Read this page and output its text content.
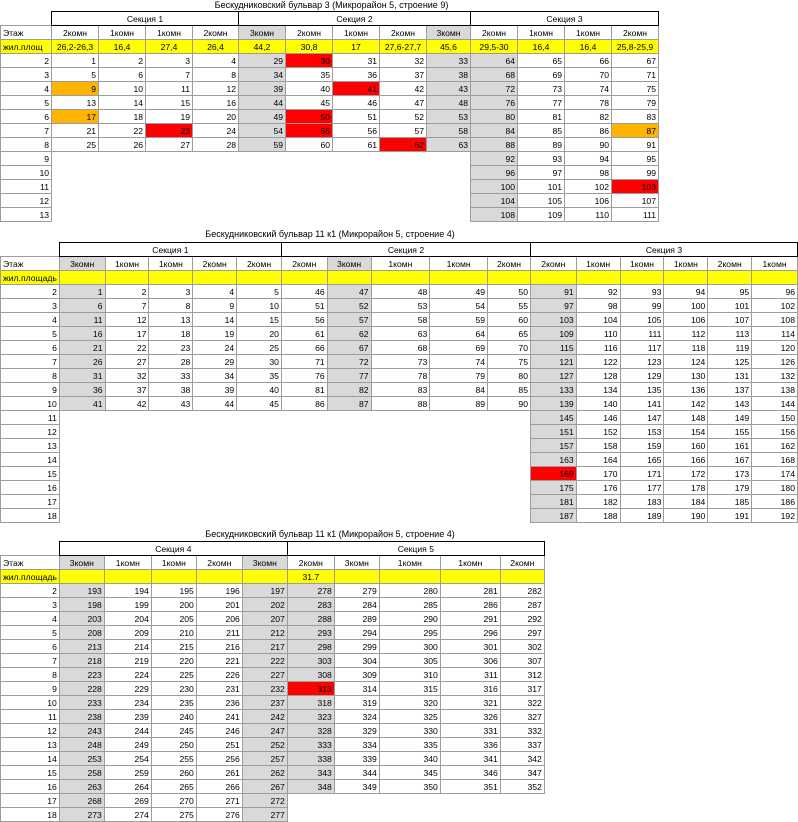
Бескудниковский бульвар 3 (Микрорайон 5, строение 9)
	Секция 1				Секция 2					Секция 3			
Этаж	2комн	1комн	1комн	2комн	3комн	2комн	1комн	2комн	3комн	2комн	1комн	1комн	2комн
жил.площ	26,2-26,3	16,4	27,4	26,4	44,2	30,8	17	27,6-27,7	45,6	29,5-30	16,4	16,4	25,8-25,9
2	1	2	3	4	29	30	31	32	33	64	65	66	67
3	5	6	7	8	34	35	36	37	38	68	69	70	71
4	9	10	11	12	39	40	41	42	43	72	73	74	75
5	13	14	15	16	44	45	46	47	48	76	77	78	79
6	17	18	19	20	49	50	51	52	53	80	81	82	83
7	21	22	23	24	54	55	56	57	58	84	85	86	87
8	25	26	27	28	59	60	61	62	63	88	89	90	91
9										92	93	94	95
10										96	97	98	99
11										100	101	102	103
12										104	105	106	107
13										108	109	110	111
Бескудниковский бульвар 11 к1 (Микрорайон 5, строение 4)
	Секция 1					Секция 2					Секция 3					
Этаж	3комн	1комн	1комн	2комн	2комн	2комн	3комн	1комн	1комн	2комн	2комн	1комн	1комн	1комн	2комн	1комн
жил.площадь																
2	1	2	3	4	5	46	47	48	49	50	91	92	93	94	95	96
3	6	7	8	9	10	51	52	53	54	55	97	98	99	100	101	102
4	11	12	13	14	15	56	57	58	59	60	103	104	105	106	107	108
5	16	17	18	19	20	61	62	63	64	65	109	110	111	112	113	114
6	21	22	23	24	25	66	67	68	69	70	115	116	117	118	119	120
7	26	27	28	29	30	71	72	73	74	75	121	122	123	124	125	126
8	31	32	33	34	35	76	77	78	79	80	127	128	129	130	131	132
9	36	37	38	39	40	81	82	83	84	85	133	134	135	136	137	138
10	41	42	43	44	45	86	87	88	89	90	139	140	141	142	143	144
11											145	146	147	148	149	150
12											151	152	153	154	155	156
13											157	158	159	160	161	162
14											163	164	165	166	167	168
15											169	170	171	172	173	174
16											175	176	177	178	179	180
17											181	182	183	184	185	186
18											187	188	189	190	191	192
Бескудниковский бульвар 11 к1 (Микрорайон 5, строение 4)
	Секция 4					Секция 5				
Этаж	3комн	1комн	1комн	2комн	3комн	2комн	3комн	1комн	1комн	2комн
жил.площадь						31.7				
2	193	194	195	196	197	278	279	280	281	282
3	198	199	200	201	202	283	284	285	286	287
4	203	204	205	206	207	288	289	290	291	292
5	208	209	210	211	212	293	294	295	296	297
6	213	214	215	216	217	298	299	300	301	302
7	218	219	220	221	222	303	304	305	306	307
8	223	224	225	226	227	308	309	310	311	312
9	228	229	230	231	232	313	314	315	316	317
10	233	234	235	236	237	318	319	320	321	322
11	238	239	240	241	242	323	324	325	326	327
12	243	244	245	246	247	328	329	330	331	332
13	248	249	250	251	252	333	334	335	336	337
14	253	254	255	256	257	338	339	340	341	342
15	258	259	260	261	262	343	344	345	346	347
16	263	264	265	266	267	348	349	350	351	352
17	268	269	270	271	272					
18	273	274	275	276	277					
